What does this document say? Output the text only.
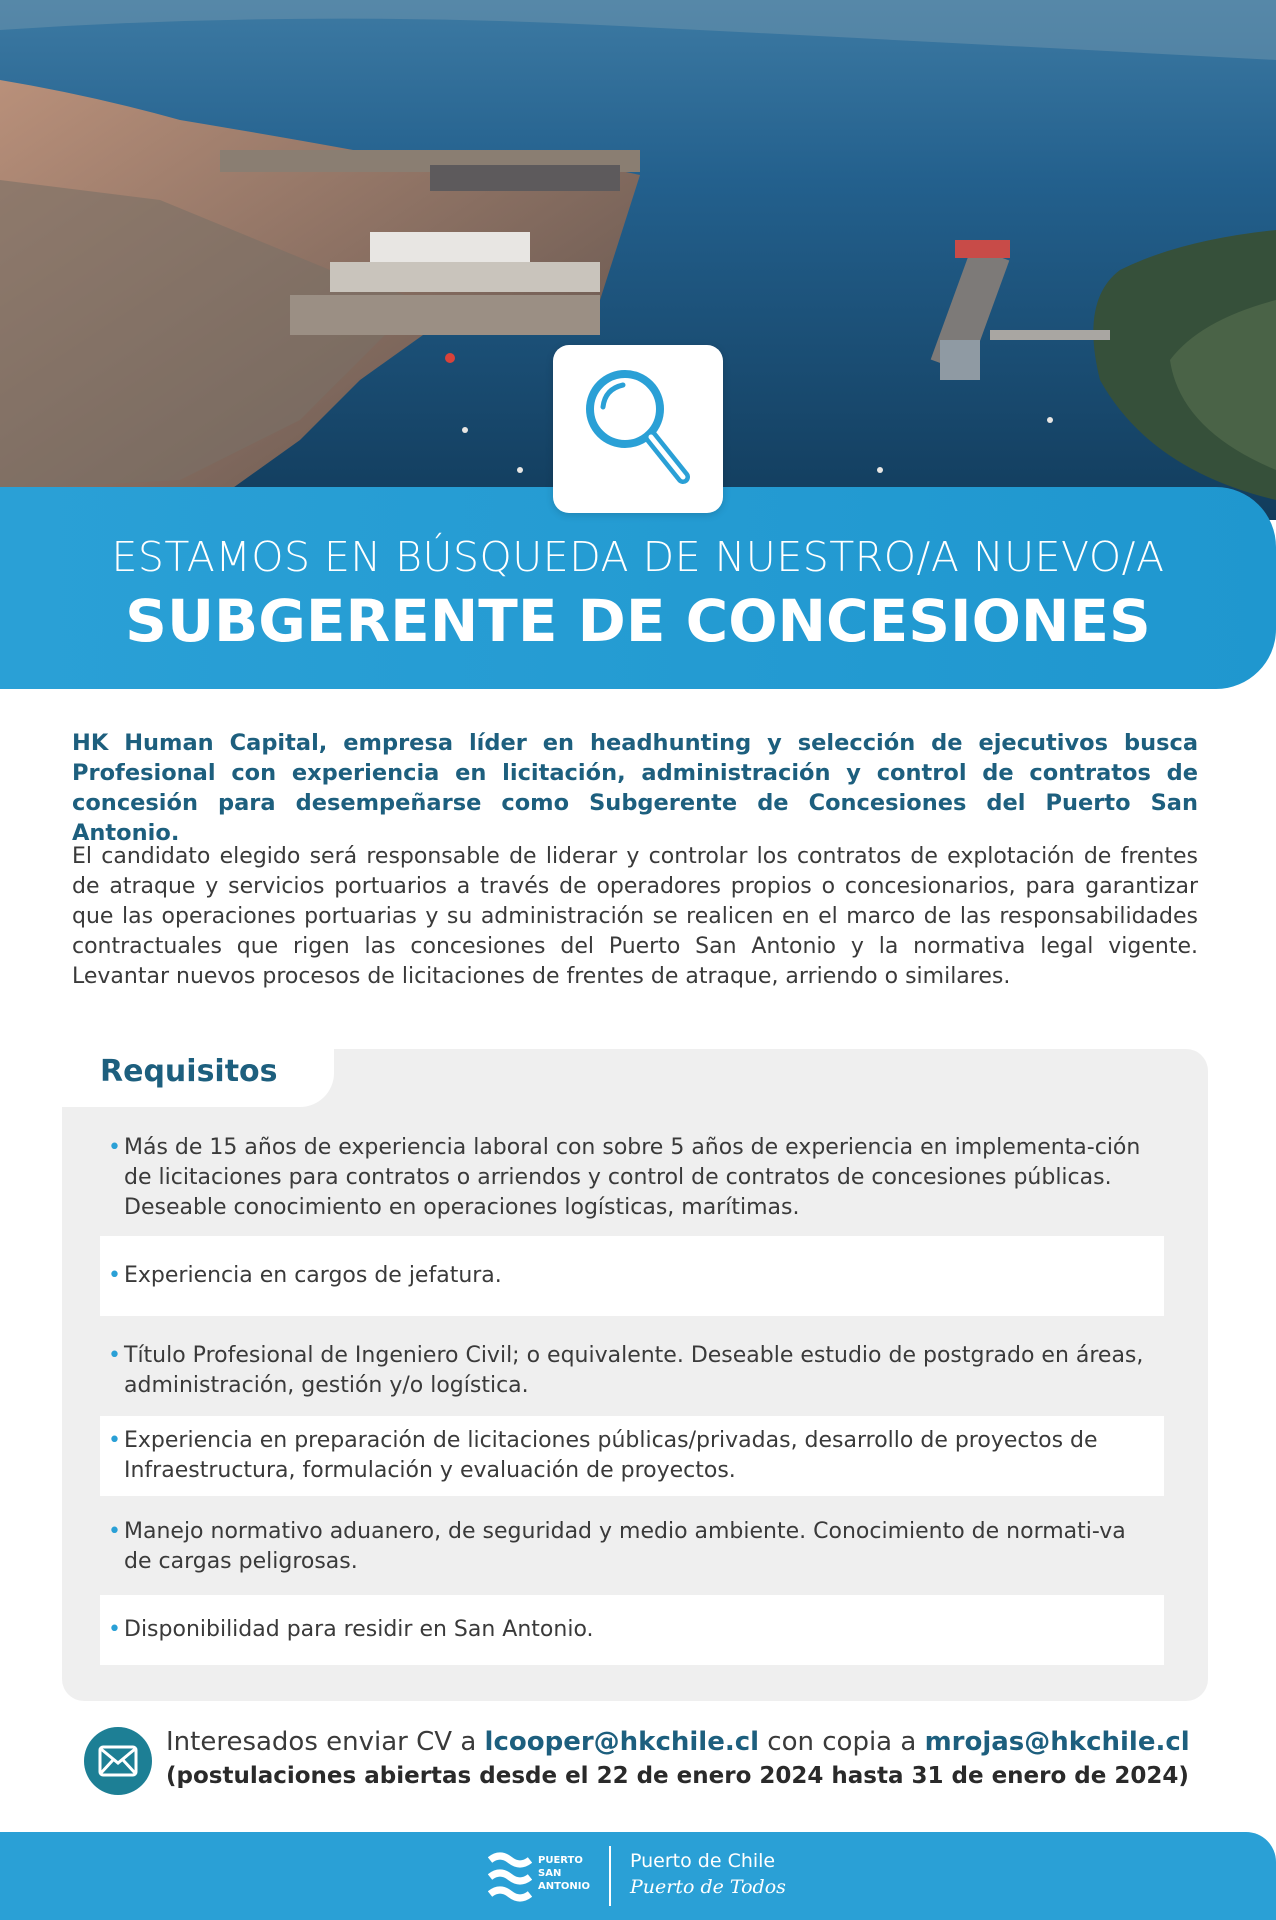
ESTAMOS EN BÚSQUEDA DE NUESTRO/A NUEVO/A
SUBGERENTE DE CONCESIONES
HK Human Capital, empresa líder en headhunting y selección de ejecutivos busca Profesional con experiencia en licitación, administración y control de contratos de concesión para desempeñarse como Subgerente de Concesiones del Puerto San Antonio.
El candidato elegido será responsable de liderar y controlar los contratos de explotación de frentes de atraque y servicios portuarios a través de operadores propios o concesionarios, para garantizar que las operaciones portuarias y su administración se realicen en el marco de las responsabilidades contractuales que rigen las concesiones del Puerto San Antonio y la normativa legal vigente. Levantar nuevos procesos de licitaciones de frentes de atraque, arriendo o similares.
Requisitos
• Más de 15 años de experiencia laboral con sobre 5 años de experiencia en implementa-ción de licitaciones para contratos o arriendos y control de contratos de concesiones públicas. Deseable conocimiento en operaciones logísticas, marítimas.
• Experiencia en cargos de jefatura.
• Título Profesional de Ingeniero Civil; o equivalente. Deseable estudio de postgrado en áreas, administración, gestión y/o logística.
• Experiencia en preparación de licitaciones públicas/privadas, desarrollo de proyectos de Infraestructura, formulación y evaluación de proyectos.
• Manejo normativo aduanero, de seguridad y medio ambiente. Conocimiento de normati-va de cargas peligrosas.
• Disponibilidad para residir en San Antonio.
Interesados enviar CV a lcooper@hkchile.cl con copia a mrojas@hkchile.cl
(postulaciones abiertas desde el 22 de enero 2024 hasta 31 de enero de 2024)
PUERTO
SAN
ANTONIO
Puerto de Chile
Puerto de Todos
